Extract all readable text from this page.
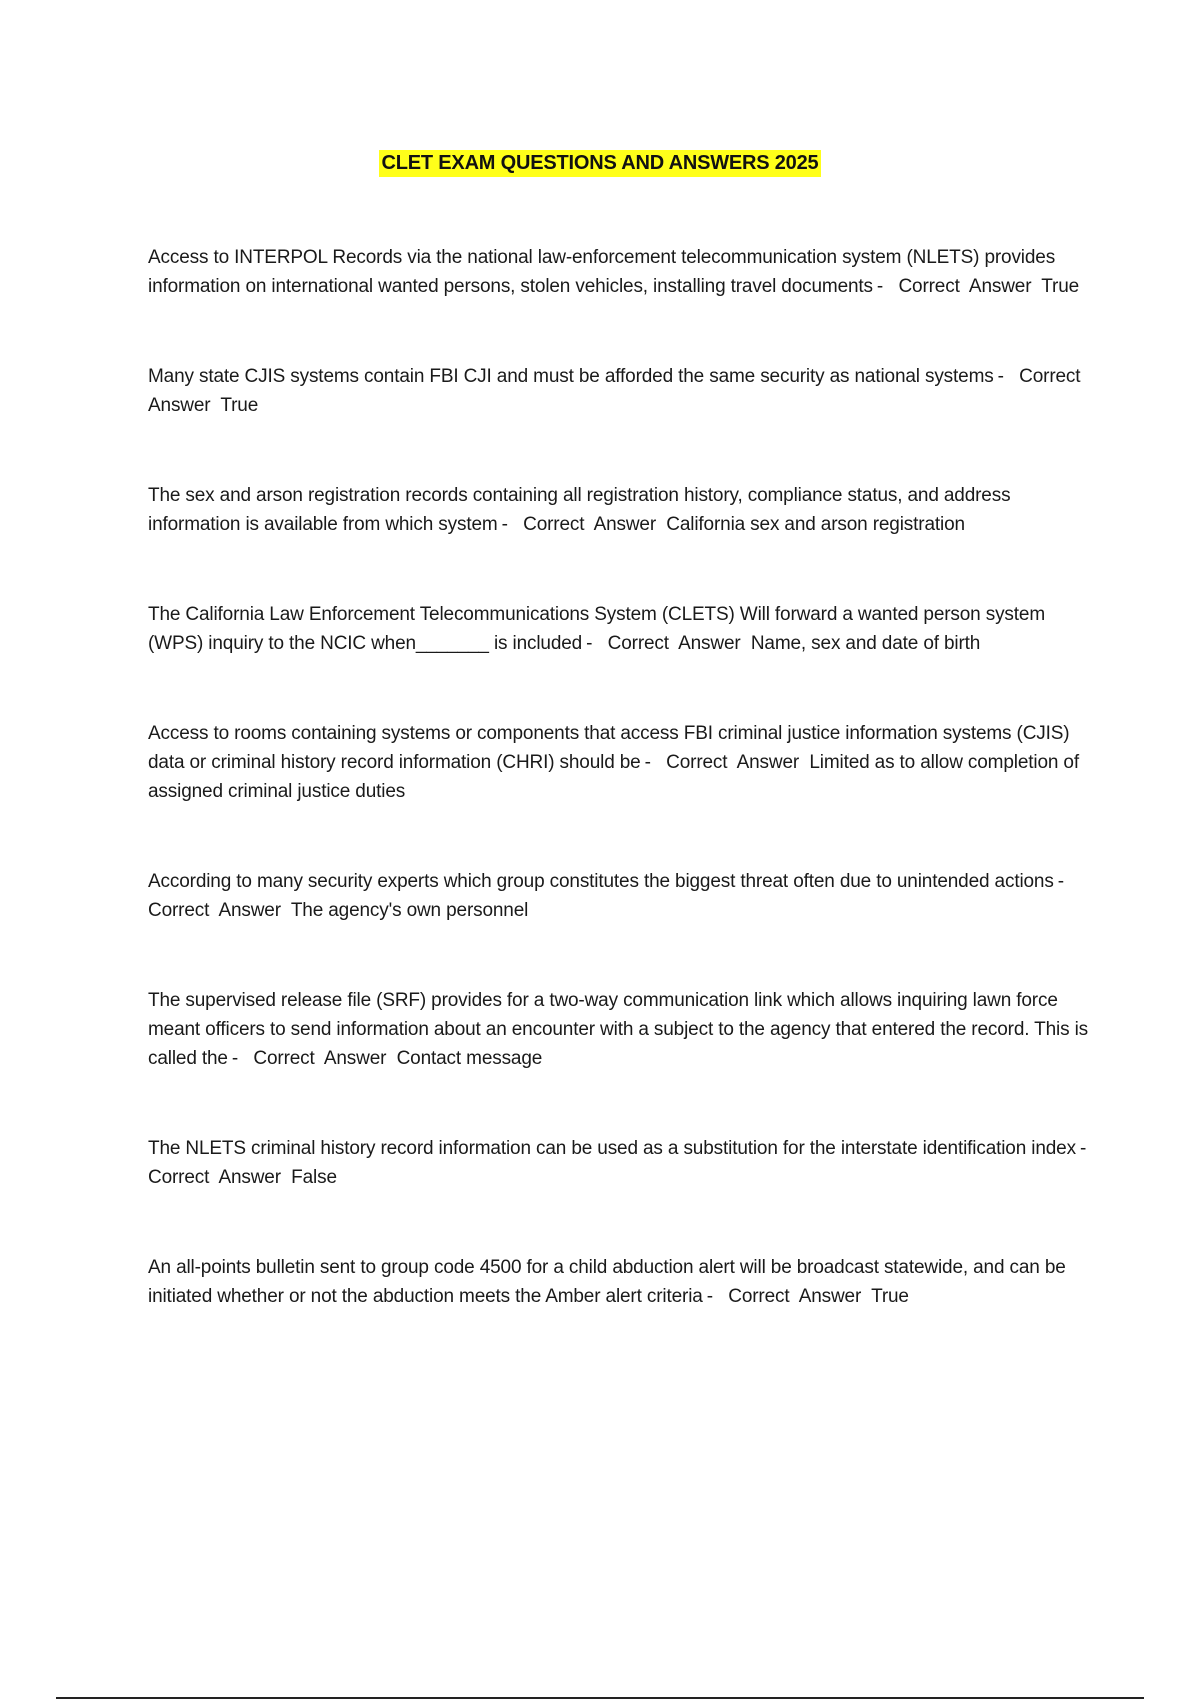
CLET EXAM QUESTIONS AND ANSWERS 2025

Access to INTERPOL Records via the national law-enforcement telecommunication system (NLETS) provides information on international wanted persons, stolen vehicles, installing travel documents -   Correct  Answer  True

Many state CJIS systems contain FBI CJI and must be afforded the same security as national systems -   Correct  Answer  True

The sex and arson registration records containing all registration history, compliance status, and address information is available from which system -   Correct  Answer  California sex and arson registration

The California Law Enforcement Telecommunications System (CLETS) Will forward a wanted person system (WPS) inquiry to the NCIC when_______ is included -   Correct  Answer  Name, sex and date of birth

Access to rooms containing systems or components that access FBI criminal justice information systems (CJIS) data or criminal history record information (CHRI) should be -   Correct  Answer  Limited as to allow completion of assigned criminal justice duties

According to many security experts which group constitutes the biggest threat often due to unintended actions -   Correct  Answer  The agency's own personnel

The supervised release file (SRF) provides for a two-way communication link which allows inquiring lawn force meant officers to send information about an encounter with a subject to the agency that entered the record. This is called the -   Correct  Answer  Contact message

The NLETS criminal history record information can be used as a substitution for the interstate identification index -   Correct  Answer  False

An all-points bulletin sent to group code 4500 for a child abduction alert will be broadcast statewide, and can be initiated whether or not the abduction meets the Amber alert criteria -   Correct  Answer  True
